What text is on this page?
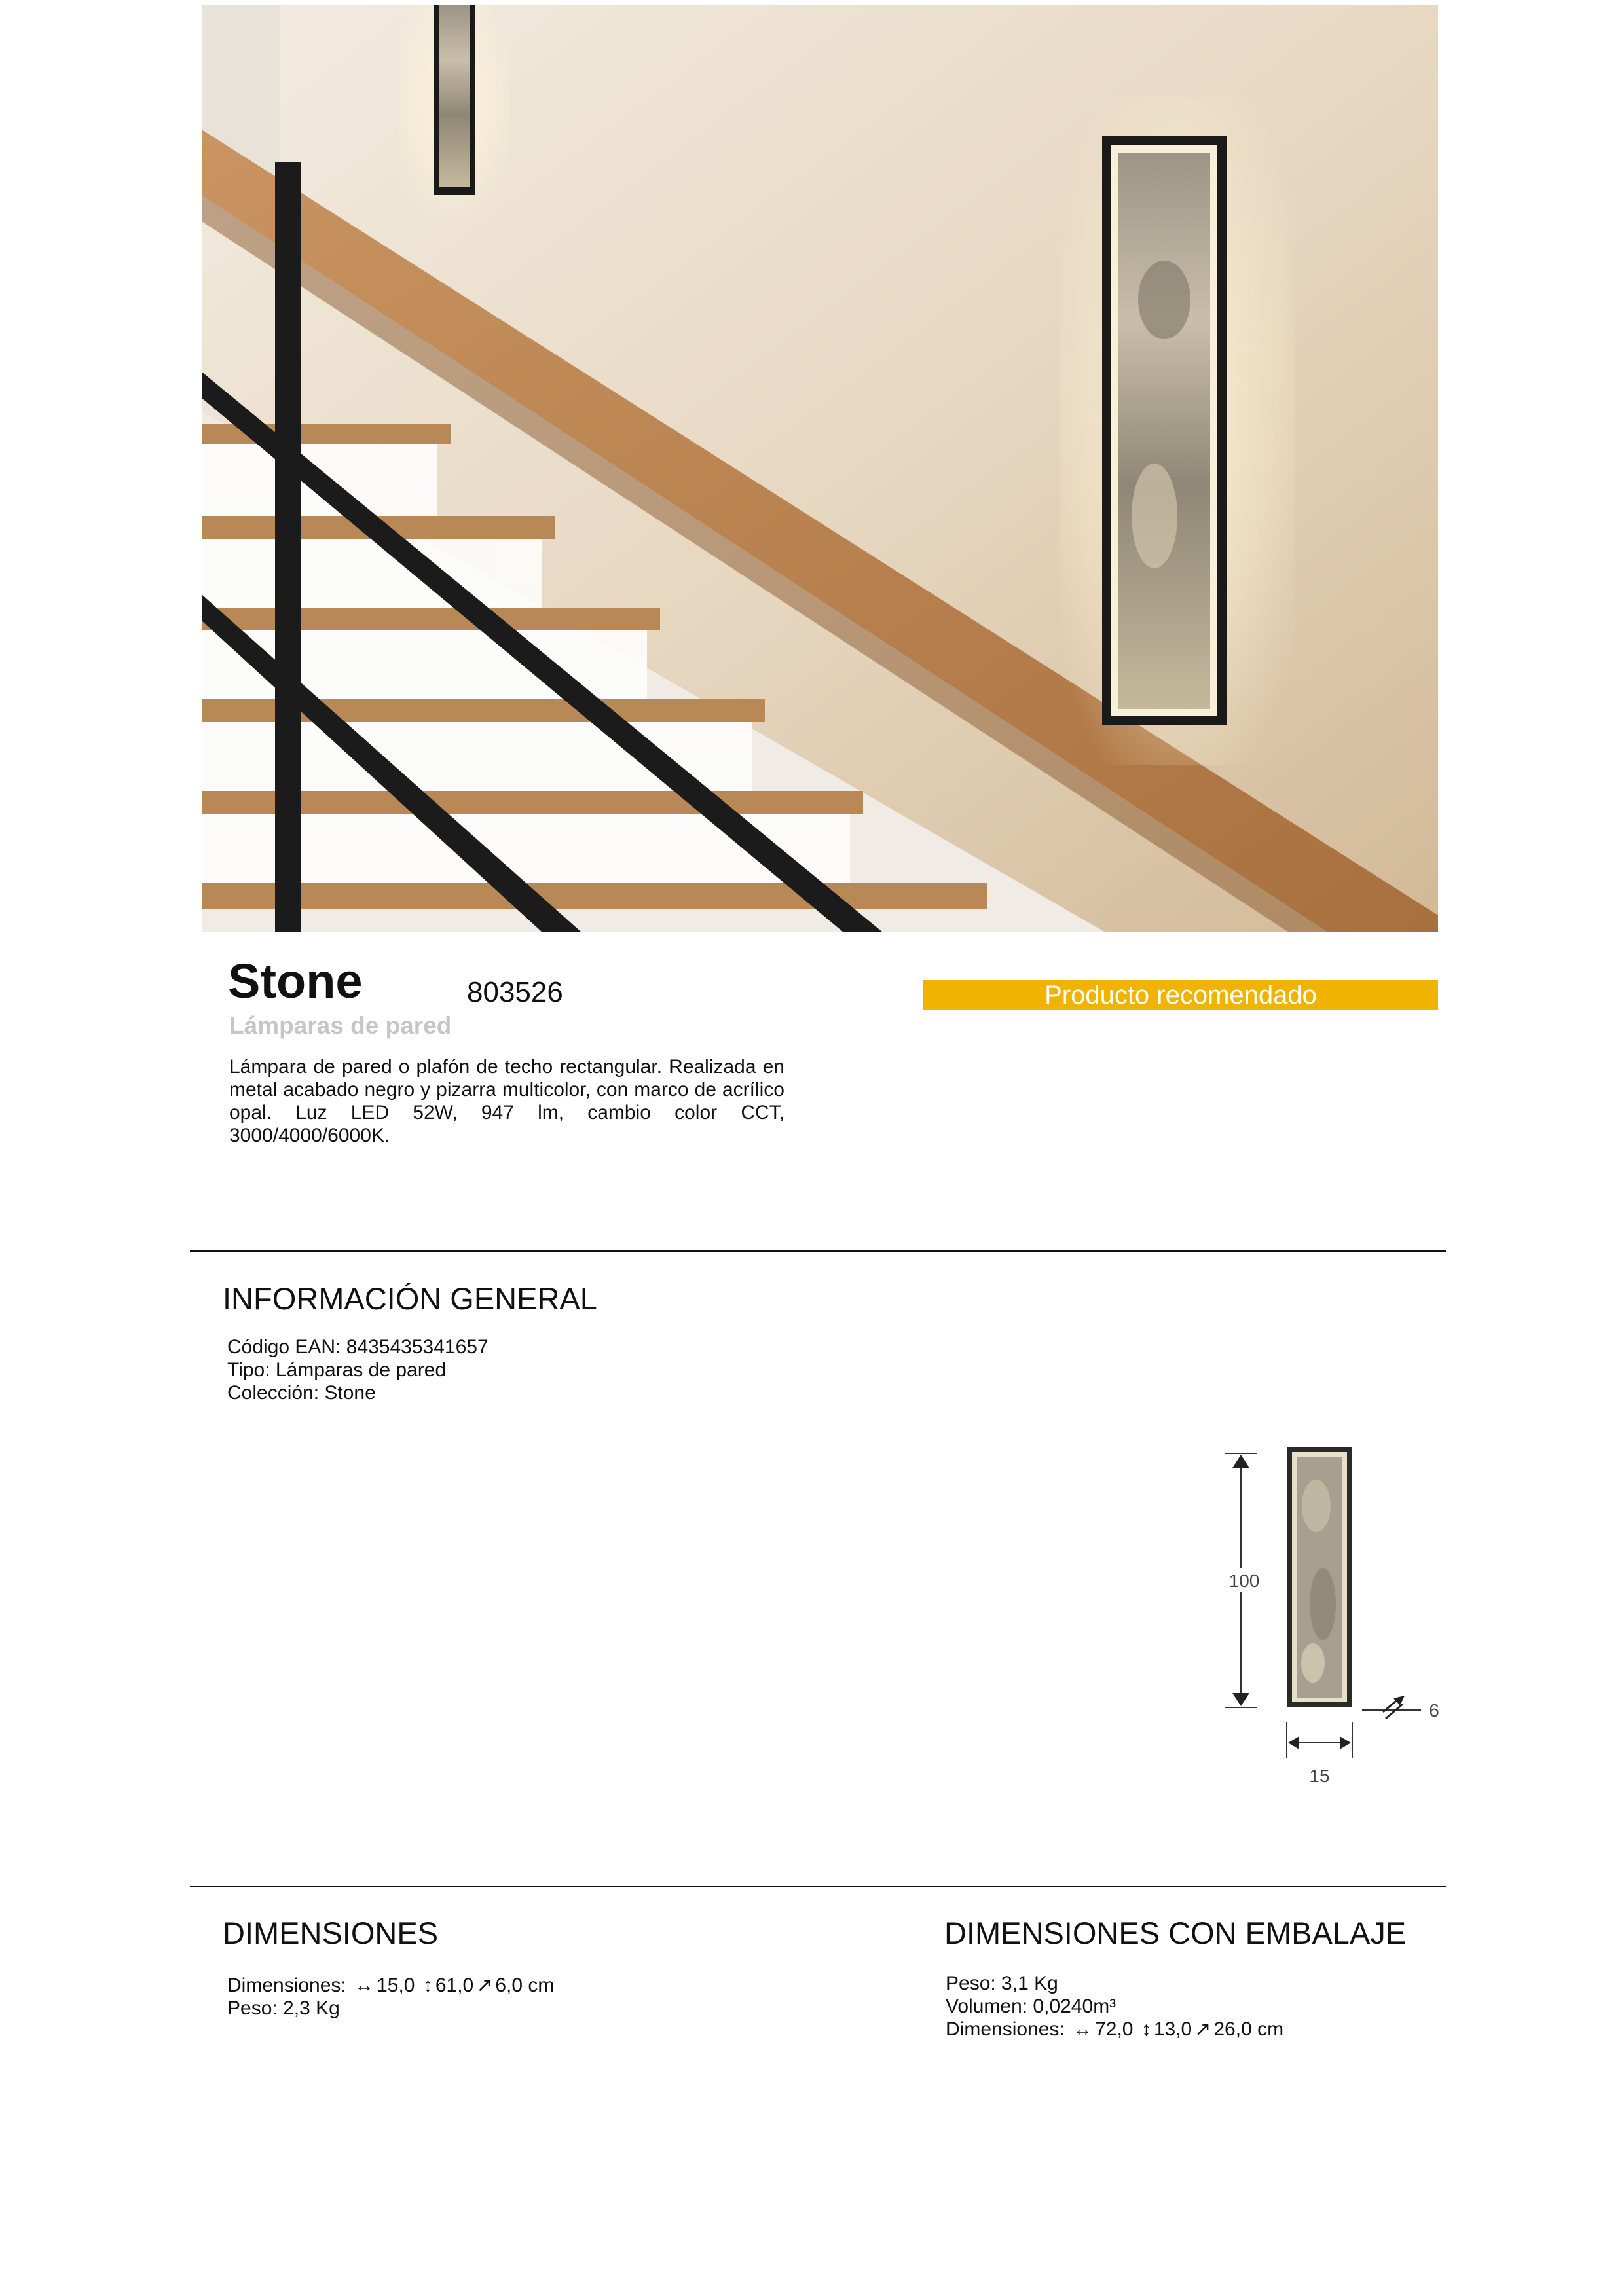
Stone	803526
Lámparas de pared
Producto recomendado

Lámpara de pared o plafón de techo rectangular. Realizada en metal acabado negro y pizarra multicolor, con marco de acrílico opal. Luz LED 52W, 947 lm, cambio color CCT, 3000/4000/6000K.

INFORMACIÓN GENERAL
Código EAN: 8435435341657
Tipo: Lámparas de pared
Colección: Stone
100
6
15
DIMENSIONES
Dimensiones: ↔ 15,0 ↕ 61,0 ↗ 6,0 cm
Peso: 2,3 Kg
DIMENSIONES CON EMBALAJE
Peso: 3,1 Kg
Volumen: 0,0240m³
Dimensiones: ↔ 72,0 ↕ 13,0 ↗ 26,0 cm
